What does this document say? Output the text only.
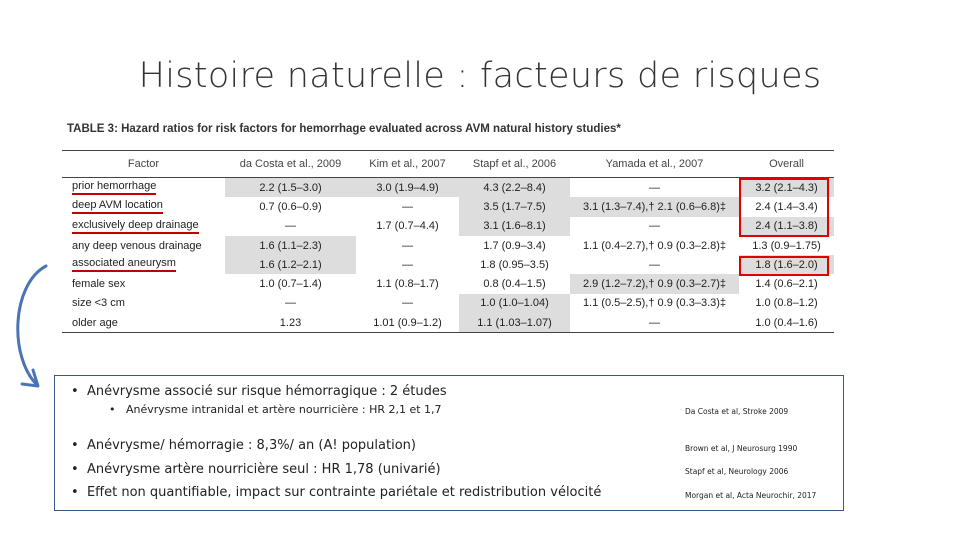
Histoire naturelle : facteurs de risques
TABLE 3: Hazard ratios for risk factors for hemorrhage evaluated across AVM natural history studies*
Factor	da Costa et al., 2009	Kim et al., 2007	Stapf et al., 2006	Yamada et al., 2007	Overall
prior hemorrhage	2.2 (1.5–3.0)	3.0 (1.9–4.9)	4.3 (2.2–8.4)	—	3.2 (2.1–4.3)
deep AVM location	0.7 (0.6–0.9)	—	3.5 (1.7–7.5)	3.1 (1.3–7.4),† 2.1 (0.6–6.8)‡	2.4 (1.4–3.4)
exclusively deep drainage	—	1.7 (0.7–4.4)	3.1 (1.6–8.1)	—	2.4 (1.1–3.8)
any deep venous drainage	1.6 (1.1–2.3)	—	1.7 (0.9–3.4)	1.1 (0.4–2.7),† 0.9 (0.3–2.8)‡	1.3 (0.9–1.75)
associated aneurysm	1.6 (1.2–2.1)	—	1.8 (0.95–3.5)	—	1.8 (1.6–2.0)
female sex	1.0 (0.7–1.4)	1.1 (0.8–1.7)	0.8 (0.4–1.5)	2.9 (1.2–7.2),† 0.9 (0.3–2.7)‡	1.4 (0.6–2.1)
size <3 cm	—	—	1.0 (1.0–1.04)	1.1 (0.5–2.5),† 0.9 (0.3–3.3)‡	1.0 (0.8–1.2)
older age	1.23	1.01 (0.9–1.2)	1.1 (1.03–1.07)	—	1.0 (0.4–1.6)
•  Anévrysme associé sur risque hémorragique : 2 études
•   Anévrysme intranidal et artère nourricière : HR 2,1 et 1,7	Da Costa et al, Stroke 2009
•  Anévrysme/ hémorragie : 8,3%/ an (A! population)	Brown et al, J Neurosurg 1990
•  Anévrysme artère nourricière seul : HR 1,78 (univarié)	Stapf et al, Neurology 2006
•  Effet non quantifiable, impact sur contrainte pariétale et redistribution vélocité	Morgan et al, Acta Neurochir, 2017
